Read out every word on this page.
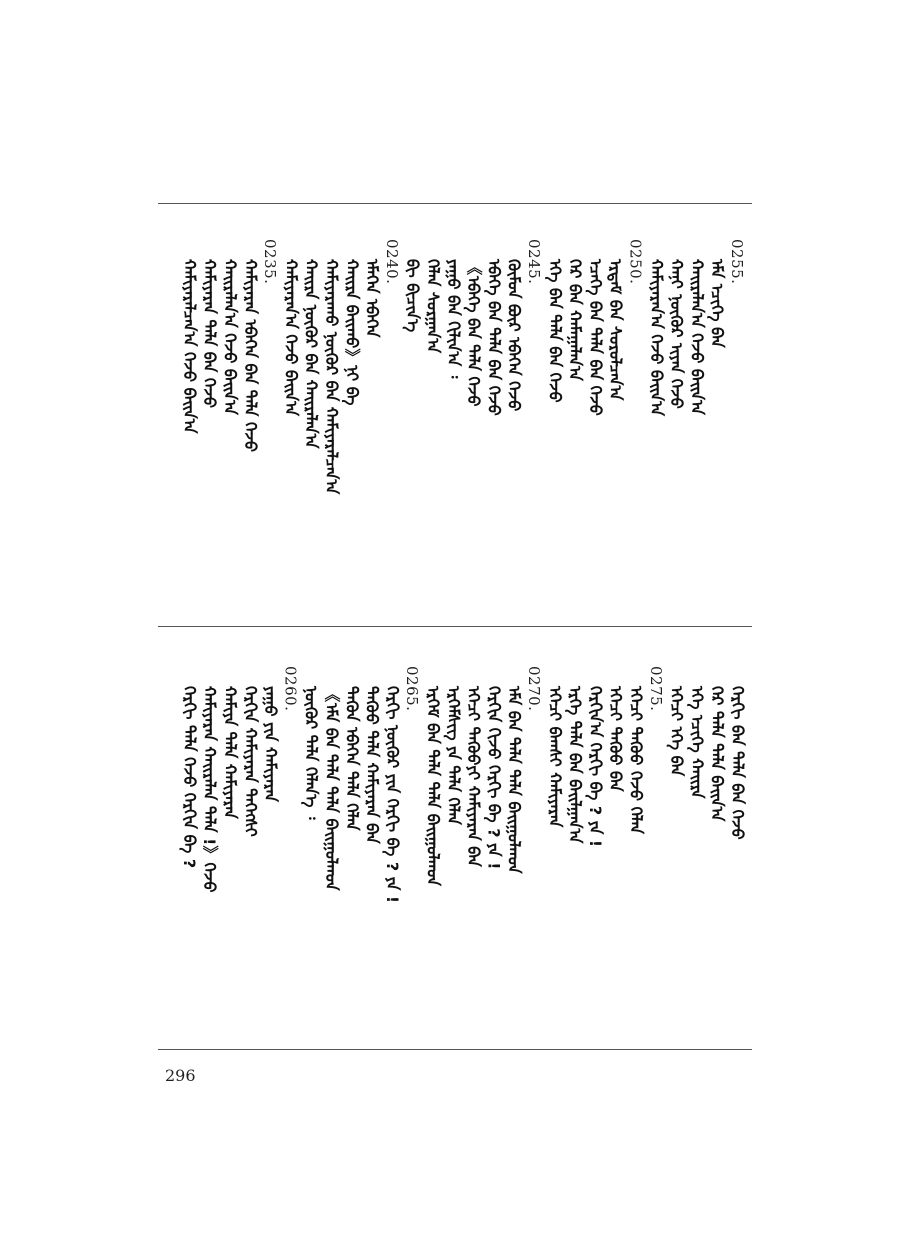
0255.
ᠡᠮᠡ ᠡᠴᠢᠭᠡ ᠪᠠᠨ
ᠬᠠᠢᠷᠠᠯᠠᠨ᠎ᠠ ᠭᠡᠵᠦ ᠪᠠᠢᠨ᠎ᠠ
ᠬᠠᠨᠢ ᠨᠥᠬᠥᠷ ᠢᠶᠡᠨ ᠭᠡᠵᠦ
ᠬᠠᠮᠢᠶᠠᠷᠠᠨ᠎ᠠ ᠭᠡᠵᠦ ᠪᠠᠢᠨ᠎ᠠ
0250.
ᠡᠷᠳᠡᠮ ᠪᠡᠨ ᠰᠤᠷᠤᠯᠴᠠᠨ᠎ᠠ
ᠡᠴᠡᠭᠡ ᠪᠠᠨ ᠲᠠᠯᠠ ᠪᠡᠨ ᠭᠡᠵᠦ
ᠭᠡᠷ ᠪᠡᠨ ᠬᠠᠮᠠᠭᠠᠯᠠᠨ᠎ᠠ
ᠡᠬᠡ ᠪᠡᠨ ᠲᠠᠯᠠ ᠪᠡᠨ ᠭᠡᠵᠦ
0245.
ᠬᠦᠮᠦᠨ ᠪᠦᠷ ᠡᠪᠡᠭᠡᠨ ᠭᠡᠵᠦ
ᠡᠪᠡᠭᠡ ᠪᠡᠨ ᠲᠠᠯᠠ ᠪᠡᠨ ᠭᠡᠵᠦ
《ᠡᠪᠡᠭᠡ ᠪᠡᠨ ᠲᠠᠯᠠ ᠭᠡᠵᠦ
ᠶᠠᠭᠤ ᠪᠡᠨ ᠬᠢᠯᠢᠨ᠎ᠠ ᠄
ᠬᠡᠯᠡᠨ ᠰᠤᠷᠭᠠᠨ᠎ᠠ
ᠪᠢ ᠪᠢᠴᠢᠨ᠎ᠡ
0240.
ᠡᠮᠡᠭᠡᠨ ᠡᠪᠡᠭᠡᠨ
ᠬᠠᠢᠷᠠ ᠪᠠᠢᠬᠤ》ᠨᠢ ᠪᠡ
ᠬᠠᠮᠢᠶᠠᠷᠠᠬᠤ ᠨᠥᠬᠥᠷ ᠪᠡᠨ ᠬᠠᠮᠢᠶᠠᠷᠠᠯᠴᠠᠨ᠎ᠠ
ᠬᠠᠢᠷᠠ ᠨᠥᠬᠥᠷ ᠪᠡᠨ ᠬᠠᠢᠷᠠᠯᠠᠨ᠎ᠠ
ᠬᠠᠮᠢᠶᠠᠷᠠᠨ᠎ᠠ ᠭᠡᠵᠦ ᠪᠠᠢᠨ᠎ᠠ
0235.
ᠬᠠᠮᠢᠶᠠᠷᠠᠨ ᠡᠪᠡᠭᠡᠨ ᠪᠡᠨ ᠲᠠᠯᠠ ᠭᠡᠵᠦ
ᠬᠠᠢᠷᠠᠯᠠᠨ᠎ᠠ ᠭᠡᠵᠦ ᠪᠠᠢᠨ᠎ᠠ
ᠬᠠᠮᠢᠶᠠᠷᠠᠨ ᠲᠠᠯᠠ ᠪᠡᠨ ᠭᠡᠵᠦ
ᠬᠠᠮᠢᠶᠠᠷᠠᠯᠴᠠᠨ᠎ᠠ ᠭᠡᠵᠦ ᠪᠠᠢᠨ᠎ᠠ
ᠬᠡᠷᠬᠢ ᠪᠡᠨ ᠲᠠᠯᠠ ᠪᠠᠨ ᠭᠡᠵᠦ
ᠭᠡᠷ ᠲᠠᠯᠠ ᠲᠠᠯᠠ ᠪᠠᠢᠨ᠎ᠠ
ᠡᠬᠡ ᠡᠴᠢᠭᠡ ᠬᠠᠢᠷᠠ
ᠡᠭᠡᠴᠢ ᠡᠬᠡ ᠪᠡᠨ
0275.
ᠡᠭᠡᠴᠢ ᠳᠡᠭᠦᠦ ᠭᠡᠵᠦ ᠬᠡᠯᠡᠨ
ᠡᠭᠡᠴᠢ ᠳᠡᠭᠦᠦ ᠪᠡᠨ
ᠬᠡᠷᠬᠢᠨ᠎ᠠ ᠬᠡᠷᠬᠢ ᠪᠡ ? ᠶᠠ !
ᠡᠷᠬᠡ ᠲᠠᠯᠠ ᠪᠡᠨ ᠪᠠᠢᠯᠭᠠᠨ᠎ᠠ
ᠡᠭᠡᠴᠢ ᠪᠠᠭᠰᠢ ᠬᠠᠮᠢᠶᠠᠷᠠᠨ
0270.
ᠡᠮᠡ ᠪᠡᠨ ᠲᠠᠯᠠ ᠲᠠᠯᠠ ᠪᠠᠢᠭᠤᠯᠬᠤᠨ
ᠬᠡᠷᠬᠢᠨ ᠬᠢᠵᠦ ᠬᠡᠷᠬᠢ ᠪᠡ ? ᠶᠠ !
ᠡᠭᠡᠴᠢ ᠳᠡᠭᠦᠦ᠎ᠶᠢ ᠬᠠᠮᠢᠶᠠᠷᠠᠨ ᠪᠡᠨ
ᠡᠷᠬᠡᠮᠰᠢᠭ ᠶᠠ ᠲᠠᠯᠠ ᠬᠡᠯᠡᠨ
ᠡᠷᠬᠡᠮ ᠪᠡᠨ ᠲᠠᠯᠠ ᠲᠠᠯᠠ ᠪᠠᠢᠭᠤᠯᠬᠤᠨ
0265.
ᠬᠡᠷᠬᠢ ᠨᠥᠬᠥᠷ ᠶᠢᠨ ᠬᠡᠷᠬᠢ ᠪᠡ ? ᠶᠠ !
ᠳᠡᠭᠦᠦ ᠲᠠᠯᠠ ᠬᠠᠮᠢᠶᠠᠷᠠᠨ ᠪᠡᠨ
ᠲᠡᠭᠦᠨ ᠡᠪᠡᠭᠡᠨ ᠲᠠᠯᠠ ᠬᠡᠯᠡᠨ
《ᠡᠮᠡ ᠪᠡᠨ ᠲᠠᠯᠠ ᠲᠠᠯᠠ ᠪᠠᠢᠭᠤᠯᠬᠤᠨ
ᠨᠥᠬᠥᠷ ᠲᠠᠯᠠ ᠬᠡᠯᠡᠨ᠎ᠡ ᠄
0260.
ᠶᠠᠭᠤ ᠶᠢᠨ ᠬᠠᠮᠢᠶᠠᠷᠠᠨ
ᠬᠡᠷᠬᠢᠨ ᠬᠠᠮᠢᠶᠠᠷᠠᠨ ᠳᠡᠭᠡᠭᠰᠢ
ᠬᠠᠮᠢᠶᠠ ᠲᠠᠯᠠ ᠬᠠᠮᠢᠶᠠᠷᠠᠨ
ᠬᠠᠮᠢᠶᠠᠷᠠᠨ ᠬᠠᠢᠷᠠᠯᠠᠨ ᠲᠠᠯᠠ !》ᠭᠡᠵᠦ
ᠬᠡᠷᠬᠢ ᠲᠠᠯᠠ ᠭᠡᠵᠦ ᠬᠡᠷᠬᠢᠨ ᠪᠡ ?
296
